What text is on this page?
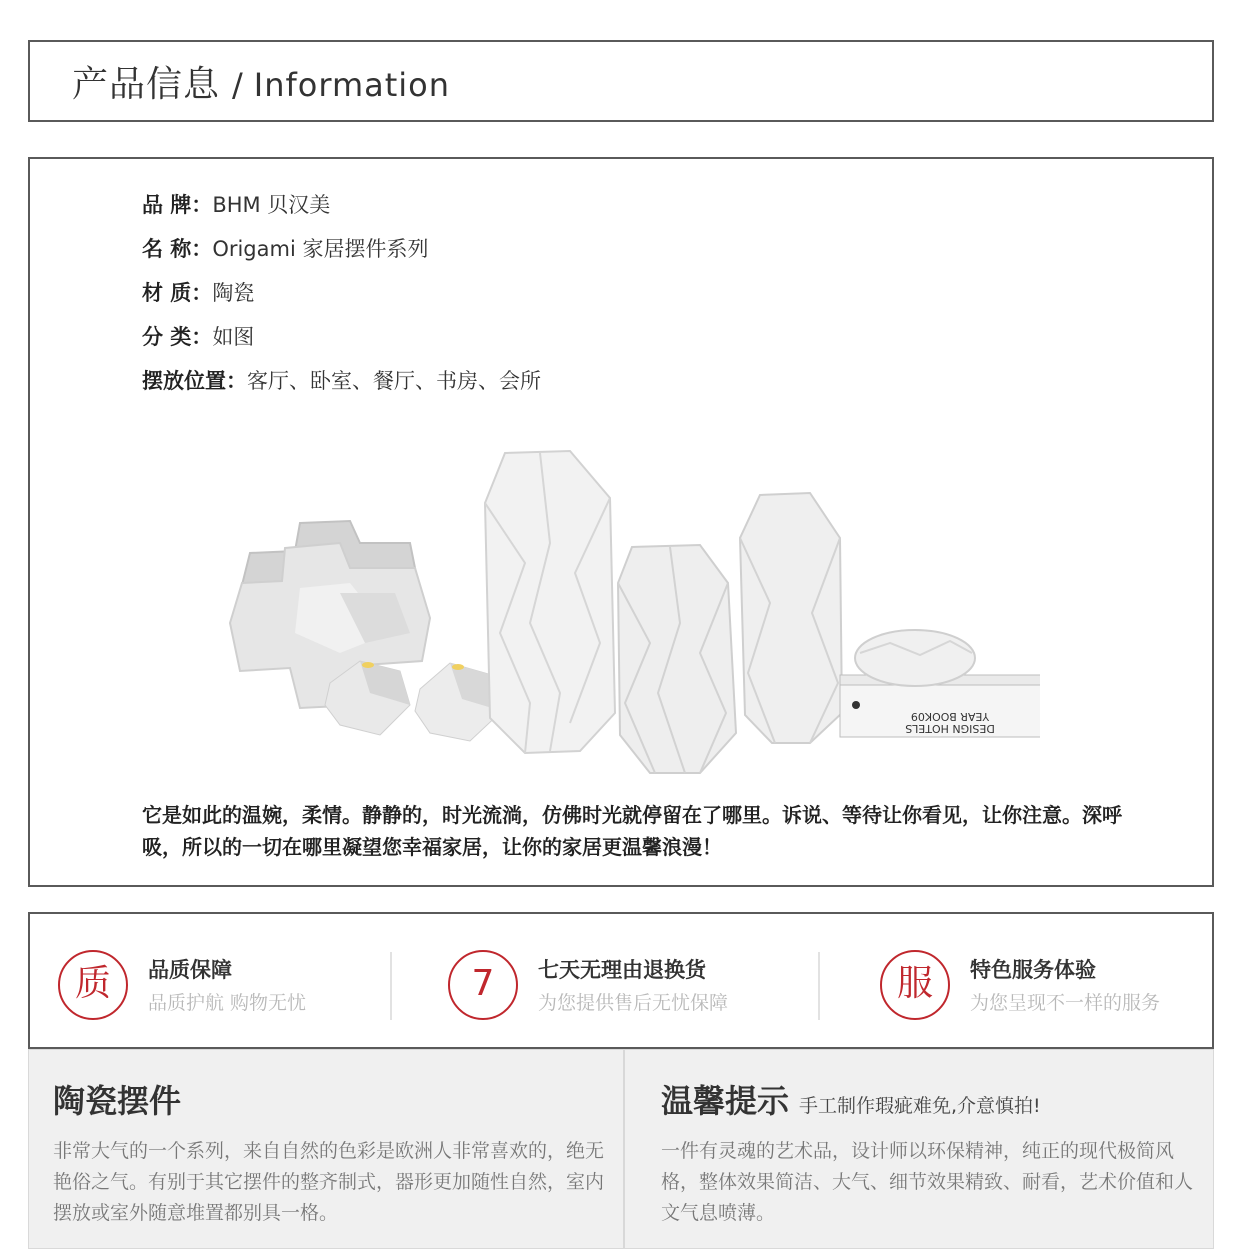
产品信息 / Information
品 牌：BHM 贝汉美
名 称：Origami 家居摆件系列
材 质：陶瓷
分 类：如图
摆放位置：客厅、卧室、餐厅、书房、会所
YEAR BOOK09
DESIGN HOTELS
它是如此的温婉，柔情。静静的，时光流淌，仿佛时光就停留在了哪里。诉说、等待让你看见，让你注意。深呼吸，所以的一切在哪里凝望您幸福家居，让你的家居更温馨浪漫！
质	品质保障
品质护航 购物无忧	7	七天无理由退换货
为您提供售后无忧保障	服	特色服务体验
为您呈现不一样的服务
陶瓷摆件
非常大气的一个系列，来自自然的色彩是欧洲人非常喜欢的，绝无艳俗之气。有别于其它摆件的整齐制式，器形更加随性自然，室内摆放或室外随意堆置都别具一格。
温馨提示 手工制作瑕疵难免,介意慎拍!
一件有灵魂的艺术品，设计师以环保精神，纯正的现代极简风格，整体效果简洁、大气、细节效果精致、耐看，艺术价值和人文气息喷薄。
